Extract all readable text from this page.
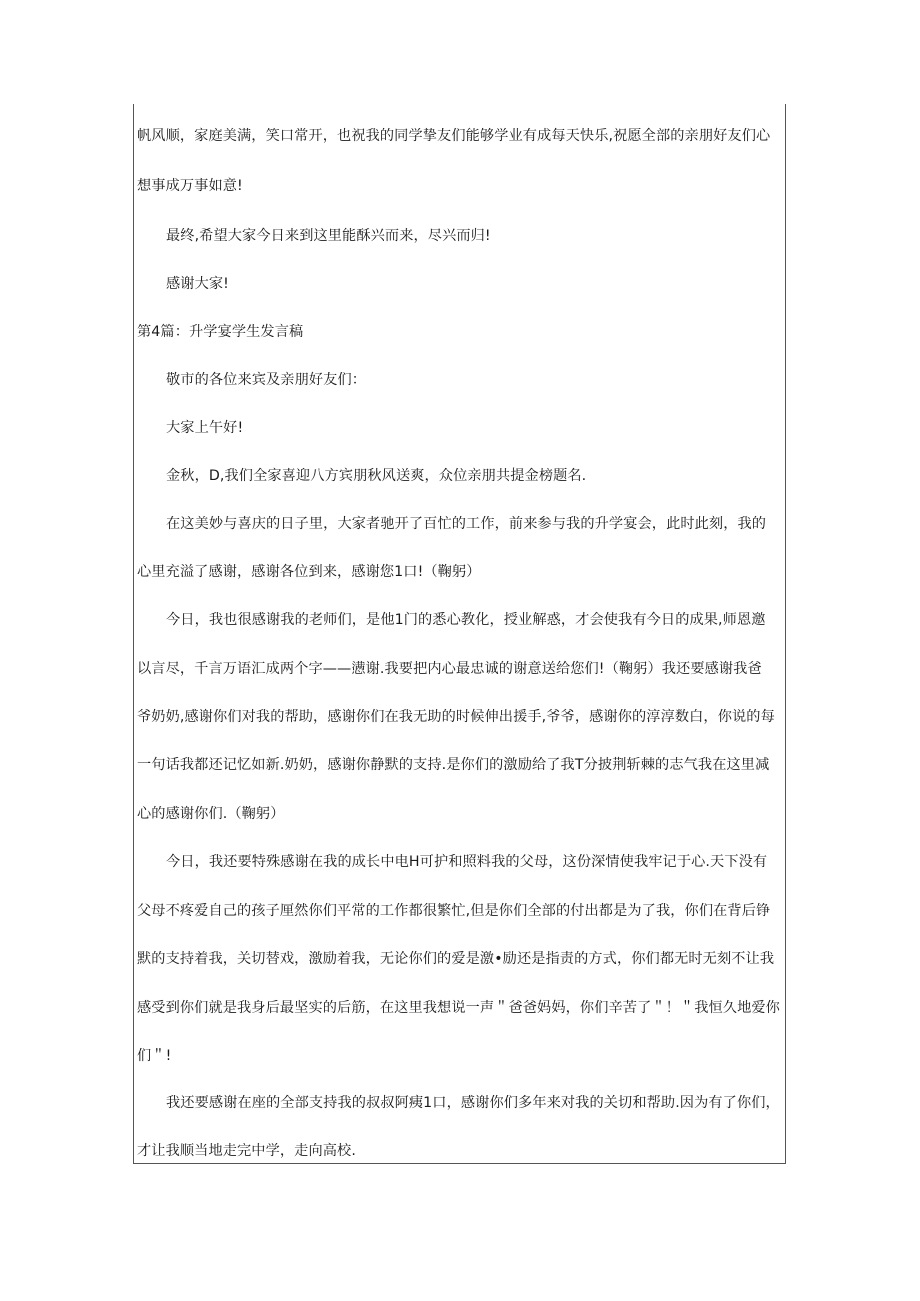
帆风顺，家庭美满，笑口常开，也祝我的同学挚友们能够学业有成每天快乐,祝愿全部的亲朋好友们心
想事成万事如意!
最终,希望大家今日来到这里能酥兴而来，尽兴而归!
感谢大家!
第4篇：升学宴学生发言稿
敬市的各位来宾及亲朋好友们：
大家上午好!
金秋，D,我们全家喜迎八方宾朋秋风送爽，众位亲朋共提金榜题名.
在这美妙与喜庆的日子里，大家者驰开了百忙的工作，前来参与我的升学宴会，此时此刻，我的
心里充溢了感谢，感谢各位到来，感谢您1口!（鞠躬）
今日，我也很感谢我的老师们，是他1门的悉心教化，授业解惑，才会使我有今日的成果,师恩邀
以言尽，千言万语汇成两个字——懑谢.我要把内心最忠诚的谢意送给您们!（鞠躬）我还要感谢我爸
爷奶奶,感谢你们对我的帮助，感谢你们在我无助的时候伸出援手,爷爷，感谢你的淳淳数白，你说的每
一句话我都还记忆如新.奶奶，感谢你静默的支持.是你们的激励给了我T分披荆斩棘的志气我在这里减
心的感谢你们.（鞠躬）
今日，我还要特殊感谢在我的成长中电H可护和照料我的父母，这份深情使我牢记于心.天下没有
父母不疼爱自己的孩子厘然你们平常的工作都很繁忙,但是你们全部的付出都是为了我，你们在背后铮
默的支持着我，关切替戏，激励着我，无论你们的爱是激•励还是指责的方式，你们都无时无刻不让我
感受到你们就是我身后最坚实的后筋，在这里我想说一声＂爸爸妈妈，你们辛苦了＂！＂我恒久地爱你
们＂!
我还要感谢在座的全部支持我的叔叔阿痍1口，感谢你们多年来对我的关切和帮助.因为有了你们，
才让我顺当地走完中学，走向高校.
